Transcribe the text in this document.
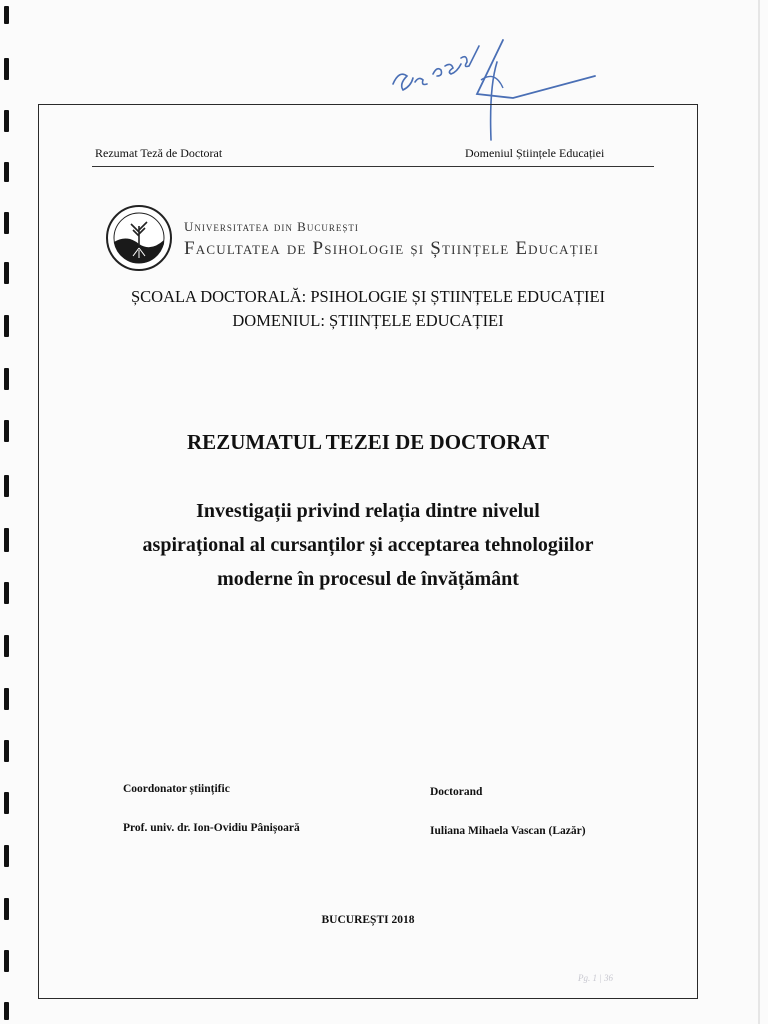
Rezumat Teză de Doctorat	Domeniul Științele Educației
Universitatea din București
Facultatea de Psihologie și Științele Educației
ȘCOALA DOCTORALĂ: PSIHOLOGIE ȘI ȘTIINȚELE EDUCAȚIEI
DOMENIUL: ȘTIINȚELE EDUCAȚIEI
REZUMATUL TEZEI DE DOCTORAT
Investigații privind relația dintre nivelul
aspirațional al cursanților și acceptarea tehnologiilor
moderne în procesul de învățământ
Coordonator științific
Prof. univ. dr. Ion-Ovidiu Pânișoară
Doctorand
Iuliana Mihaela Vascan (Lazăr)
BUCUREȘTI 2018
Pg. 1 | 36
